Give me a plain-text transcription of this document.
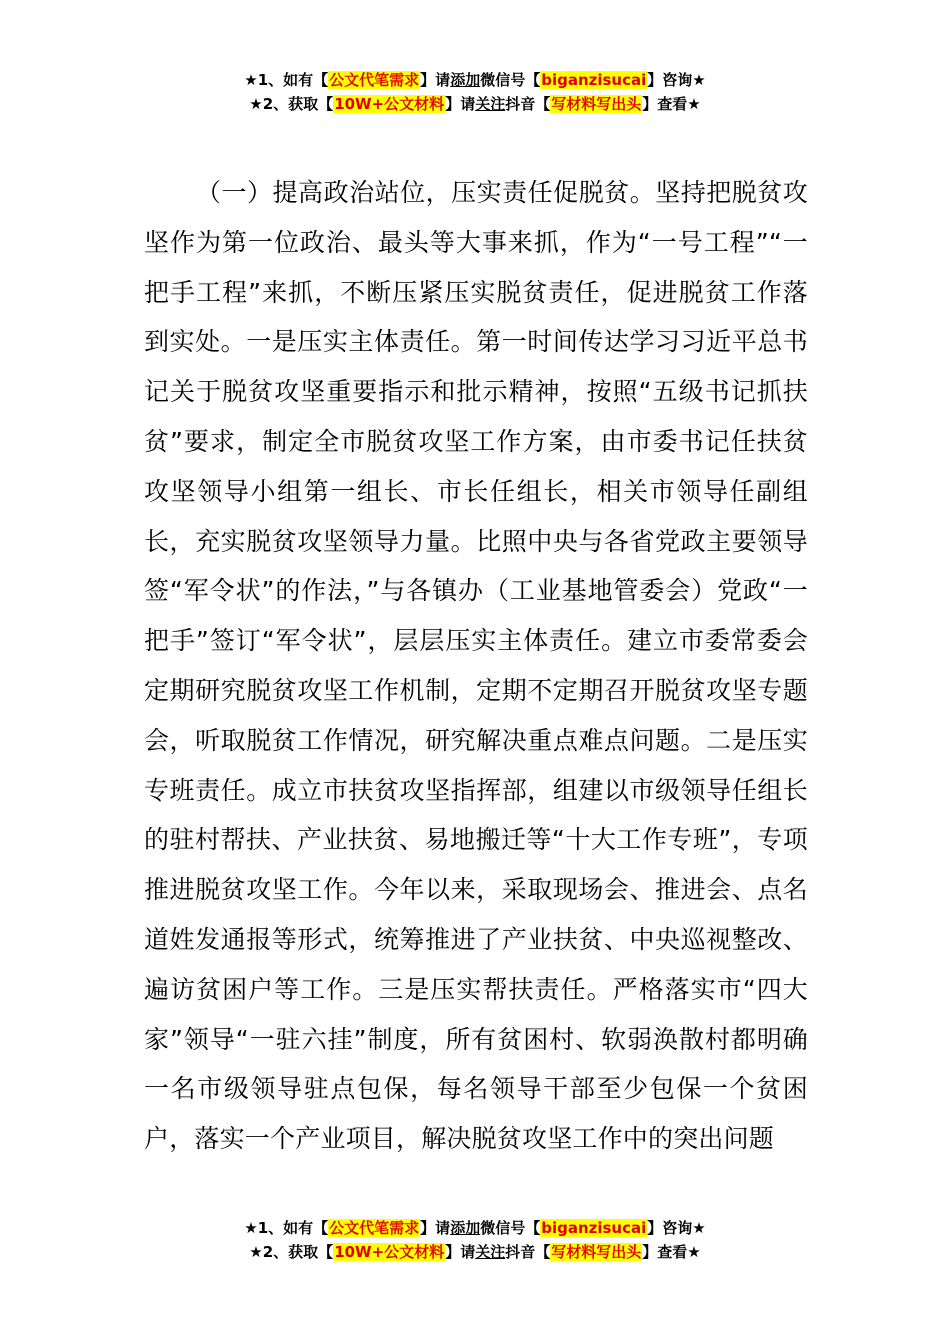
★1、如有【公文代笔需求】请添加微信号【biganzisucai】咨询★
★2、获取【10W+公文材料】请关注抖音【写材料写出头】查看★
（一）提高政治站位，压实责任促脱贫。坚持把脱贫攻坚作为第一位政治、最头等大事来抓，作为“一号工程”“一把手工程”来抓，不断压紧压实脱贫责任，促进脱贫工作落到实处。一是压实主体责任。第一时间传达学习习近平总书记关于脱贫攻坚重要指示和批示精神，按照“五级书记抓扶贫”要求，制定全市脱贫攻坚工作方案，由市委书记任扶贫攻坚领导小组第一组长、市长任组长，相关市领导任副组长，充实脱贫攻坚领导力量。比照中央与各省党政主要领导签“军令状”的作法，”与各镇办（工业基地管委会）党政“一把手”签订“军令状”，层层压实主体责任。建立市委常委会定期研究脱贫攻坚工作机制，定期不定期召开脱贫攻坚专题会，听取脱贫工作情况，研究解决重点难点问题。二是压实专班责任。成立市扶贫攻坚指挥部，组建以市级领导任组长的驻村帮扶、产业扶贫、易地搬迁等“十大工作专班”，专项推进脱贫攻坚工作。今年以来，采取现场会、推进会、点名道姓发通报等形式，统筹推进了产业扶贫、中央巡视整改、遍访贫困户等工作。三是压实帮扶责任。严格落实市“四大家”领导“一驻六挂”制度，所有贫困村、软弱涣散村都明确一名市级领导驻点包保，每名领导干部至少包保一个贫困户，落实一个产业项目，解决脱贫攻坚工作中的突出问题
★1、如有【公文代笔需求】请添加微信号【biganzisucai】咨询★
★2、获取【10W+公文材料】请关注抖音【写材料写出头】查看★
